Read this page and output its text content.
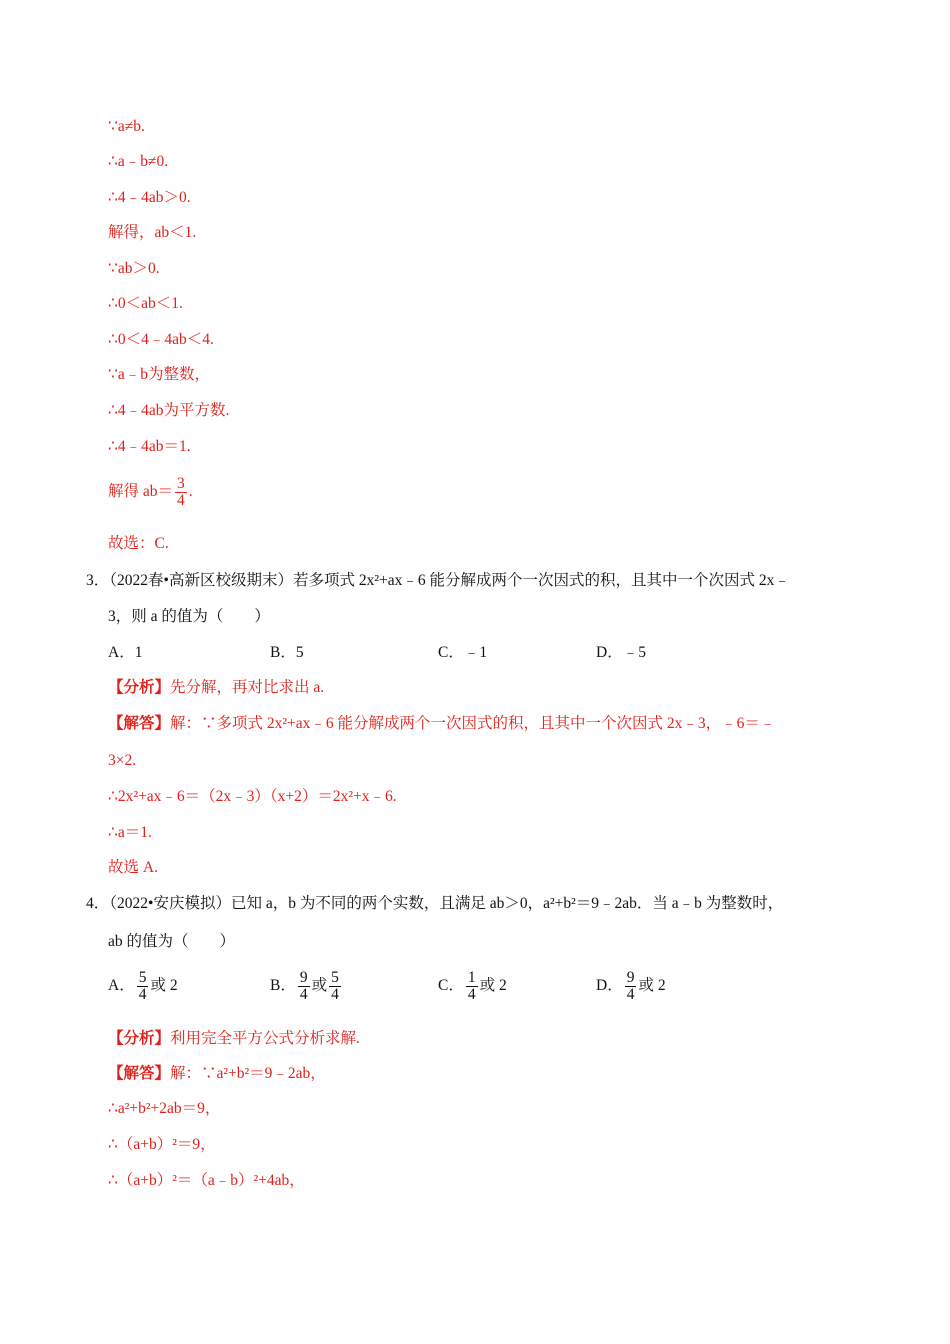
∵a≠b.
∴a﹣b≠0.
∴4﹣4ab＞0.
解得，ab＜1.
∵ab＞0.
∴0＜ab＜1.
∴0＜4﹣4ab＜4.
∵a﹣b为整数，
∴4﹣4ab为平方数.
∴4﹣4ab＝1.
解得 $ab= \frac{3}{4}$ .
故选：C.
3．（2022春•高新区校级期末）若多项式 2x²+ax﹣6 能分解成两个一次因式的积，且其中一个次因式 2x﹣
3，则 a 的值为（　　）
A．1	B．5	C．﹣1	D．﹣5
【分析】先分解，再对比求出 a.
【解答】解：∵多项式 2x²+ax﹣6 能分解成两个一次因式的积，且其中一个次因式 2x﹣3，﹣6＝﹣
3×2.
∴2x²+ax﹣6＝（2x﹣3）（x+2）＝2x²+x﹣6.
∴a＝1.
故选 A.
4．（2022•安庆模拟）已知 a，b 为不同的两个实数，且满足 ab＞0，a²+b²＝9﹣2ab．当 a﹣b 为整数时，
ab 的值为（　　）
A． $\frac{5}{4}$ 或 2	B． $\frac{9}{4}$ 或 $\frac{5}{4}$	C． $\frac{1}{4}$ 或 2	D． $\frac{9}{4}$ 或 2
【分析】利用完全平方公式分析求解.
【解答】解：∵a²+b²＝9﹣2ab，
∴a²+b²+2ab＝9，
∴（a+b）²＝9，
∴（a+b）²＝（a﹣b）²+4ab，
